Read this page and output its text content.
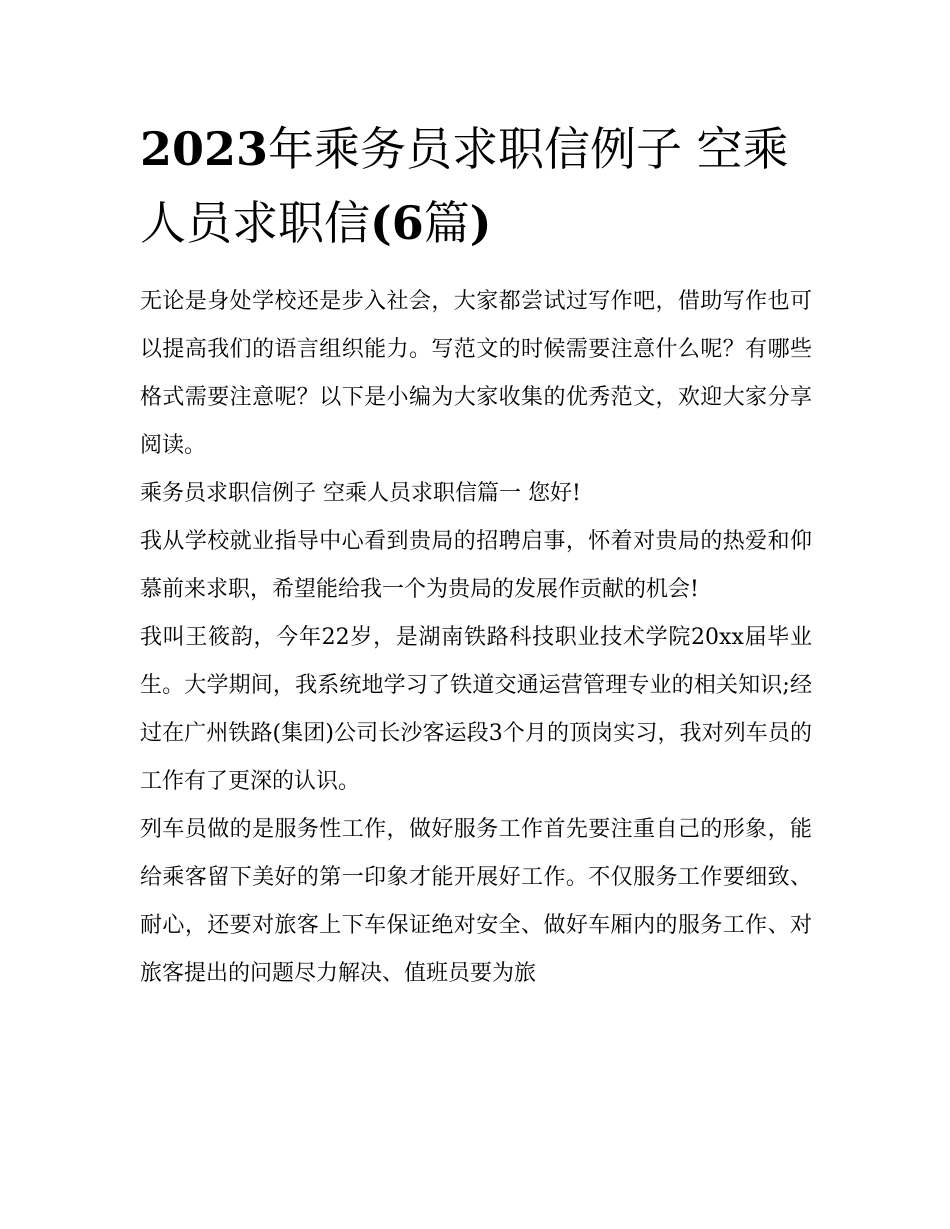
2023年乘务员求职信例子 空乘人员求职信(6篇)

无论是身处学校还是步入社会，大家都尝试过写作吧，借助写作也可以提高我们的语言组织能力。写范文的时候需要注意什么呢？有哪些格式需要注意呢？以下是小编为大家收集的优秀范文，欢迎大家分享阅读。

乘务员求职信例子 空乘人员求职信篇一 您好!

我从学校就业指导中心看到贵局的招聘启事，怀着对贵局的热爱和仰慕前来求职，希望能给我一个为贵局的发展作贡献的机会!

我叫王筱韵，今年22岁，是湖南铁路科技职业技术学院20xx届毕业生。大学期间，我系统地学习了铁道交通运营管理专业的相关知识;经过在广州铁路(集团)公司长沙客运段3个月的顶岗实习，我对列车员的工作有了更深的认识。

列车员做的是服务性工作，做好服务工作首先要注重自己的形象，能给乘客留下美好的第一印象才能开展好工作。不仅服务工作要细致、耐心，还要对旅客上下车保证绝对安全、做好车厢内的服务工作、对旅客提出的问题尽力解决、值班员要为旅
